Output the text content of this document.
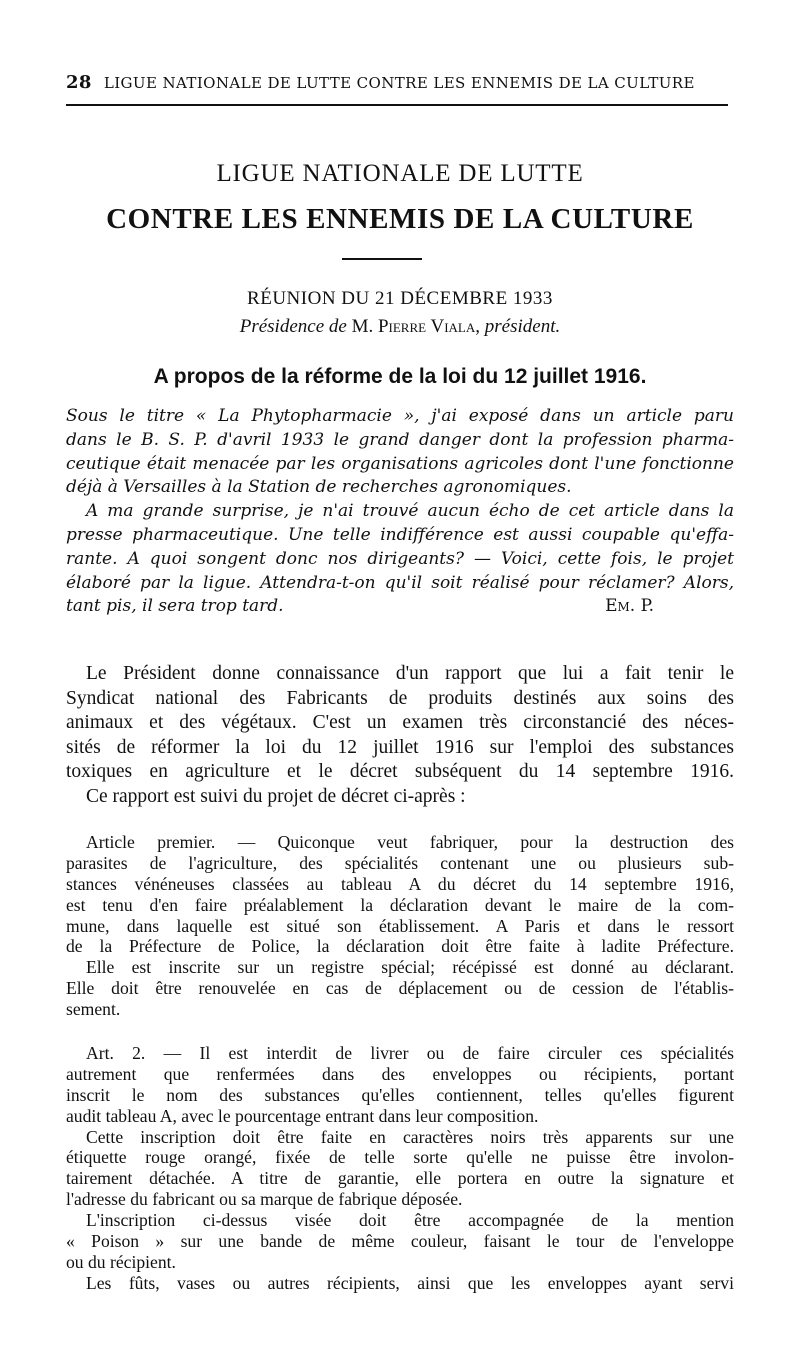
28 LIGUE NATIONALE DE LUTTE CONTRE LES ENNEMIS DE LA CULTURE
LIGUE NATIONALE DE LUTTE
CONTRE LES ENNEMIS DE LA CULTURE
RÉUNION DU 21 DÉCEMBRE 1933
Présidence de M. Pierre Viala, président.
A propos de la réforme de la loi du 12 juillet 1916.
Sous le titre « La Phytopharmacie », j'ai exposé dans un article paru
dans le B. S. P. d'avril 1933 le grand danger dont la profession pharma-
ceutique était menacée par les organisations agricoles dont l'une fonctionne
déjà à Versailles à la Station de recherches agronomiques.
A ma grande surprise, je n'ai trouvé aucun écho de cet article dans la
presse pharmaceutique. Une telle indifférence est aussi coupable qu'effa-
rante. A quoi songent donc nos dirigeants? — Voici, cette fois, le projet
élaboré par la ligue. Attendra-t-on qu'il soit réalisé pour réclamer? Alors,
tant pis, il sera trop tard.	Em. P.
Le Président donne connaissance d'un rapport que lui a fait tenir le
Syndicat national des Fabricants de produits destinés aux soins des
animaux et des végétaux. C'est un examen très circonstancié des néces-
sités de réformer la loi du 12 juillet 1916 sur l'emploi des substances
toxiques en agriculture et le décret subséquent du 14 septembre 1916.
Ce rapport est suivi du projet de décret ci-après :
Article premier. — Quiconque veut fabriquer, pour la destruction des
parasites de l'agriculture, des spécialités contenant une ou plusieurs sub-
stances vénéneuses classées au tableau A du décret du 14 septembre 1916,
est tenu d'en faire préalablement la déclaration devant le maire de la com-
mune, dans laquelle est situé son établissement. A Paris et dans le ressort
de la Préfecture de Police, la déclaration doit être faite à ladite Préfecture.
Elle est inscrite sur un registre spécial; récépissé est donné au déclarant.
Elle doit être renouvelée en cas de déplacement ou de cession de l'établis-
sement.
Art. 2. — Il est interdit de livrer ou de faire circuler ces spécialités
autrement que renfermées dans des enveloppes ou récipients, portant
inscrit le nom des substances qu'elles contiennent, telles qu'elles figurent
audit tableau A, avec le pourcentage entrant dans leur composition.
Cette inscription doit être faite en caractères noirs très apparents sur une
étiquette rouge orangé, fixée de telle sorte qu'elle ne puisse être involon-
tairement détachée. A titre de garantie, elle portera en outre la signature et
l'adresse du fabricant ou sa marque de fabrique déposée.
L'inscription ci-dessus visée doit être accompagnée de la mention
« Poison » sur une bande de même couleur, faisant le tour de l'enveloppe
ou du récipient.
Les fûts, vases ou autres récipients, ainsi que les enveloppes ayant servi
